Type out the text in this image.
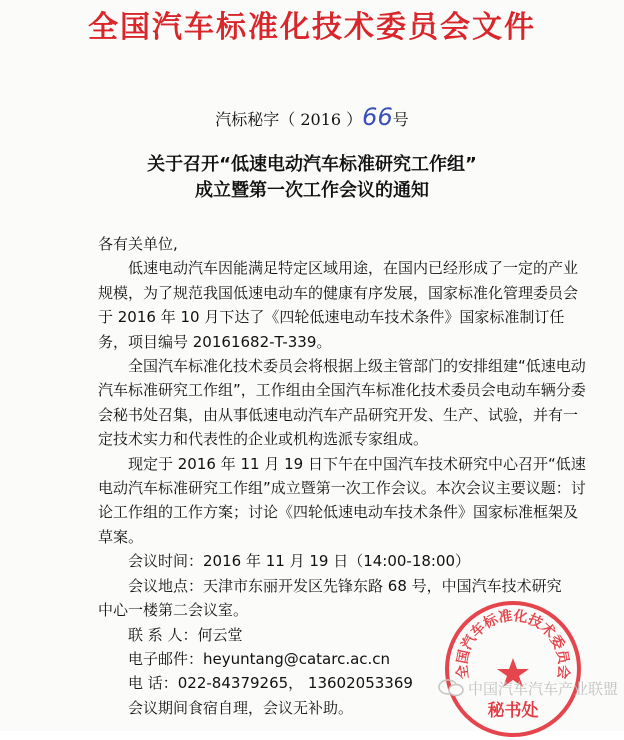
全国汽车标准化技术委员会文件
汽标秘字（ 2016 ）66号
关于召开“低速电动汽车标准研究工作组”
成立暨第一次工作会议的通知

各有关单位,

低速电动汽车因能满足特定区域用途，在国内已经形成了一定的产业规模，为了规范我国低速电动车的健康有序发展，国家标准化管理委员会于 2016 年 10 月下达了《四轮低速电动车技术条件》国家标准制订任务，项目编号 20161682-T-339。

全国汽车标准化技术委员会将根据上级主管部门的安排组建“低速电动汽车标准研究工作组”，工作组由全国汽车标准化技术委员会电动车辆分委会秘书处召集，由从事低速电动汽车产品研究开发、生产、试验，并有一定技术实力和代表性的企业或机构选派专家组成。

现定于 2016 年 11 月 19 日下午在中国汽车技术研究中心召开“低速电动汽车标准研究工作组”成立暨第一次工作会议。本次会议主要议题：讨论工作组的工作方案；讨论《四轮低速电动车技术条件》国家标准框架及草案。

会议时间：2016 年 11 月 19 日（14:00-18:00）

会议地点：天津市东丽开发区先锋东路 68 号，中国汽车技术研究

中心一楼第二会议室。

联 系 人：何云堂

电子邮件：heyuntang@catarc.ac.cn

电 话：022-84379265， 13602053369

会议期间食宿自理，会议无补助。

全国汽车标准化技术委员会
秘书处
中国汽车汽车产业联盟
